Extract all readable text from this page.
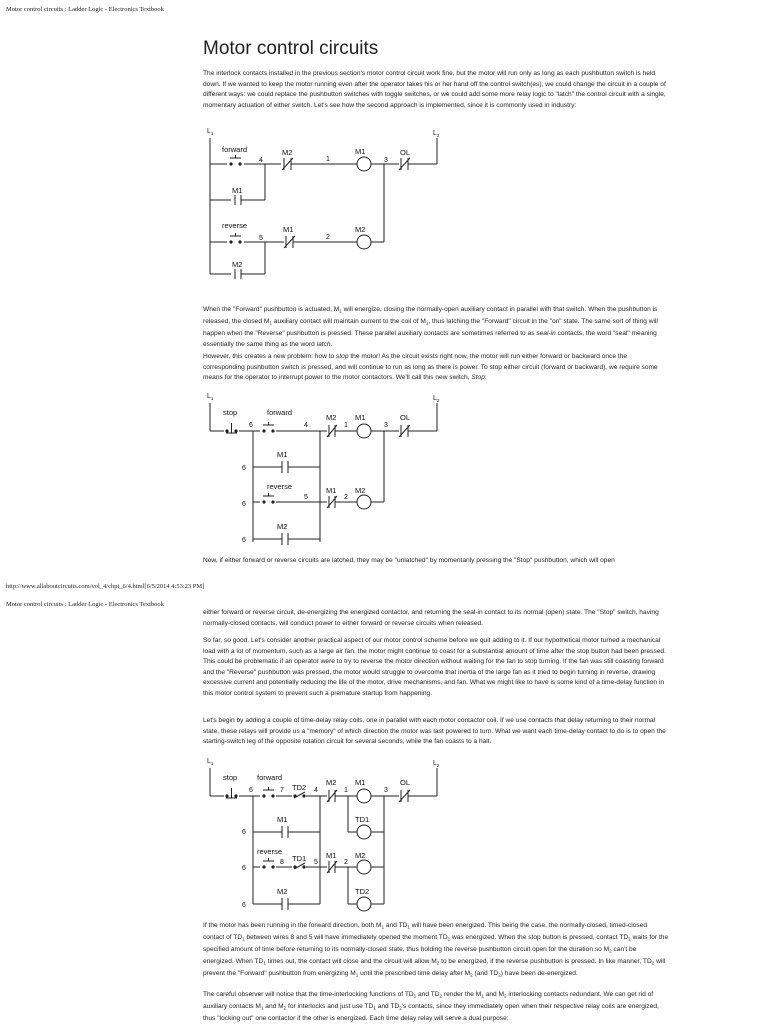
Motor control circuits : Ladder Logic - Electronics Textbook
Motor control circuits

The interlock contacts installed in the previous section's motor control circuit work fine, but the motor will run only as long as each pushbutton switch is held down. If we wanted to keep the motor running even after the operator takes his or her hand off the control switch(es), we could change the circuit in a couple of different ways: we could replace the pushbutton switches with toggle switches, or we could add some more relay logic to "latch" the control circuit with a single, momentary actuation of either switch. Let's see how the second approach is implemented, since it is commonly used in industry:

$L_1$	$L_2$
forward
4
M2
1
M1
3
OL
M1
reverse
5
M1
2
M2
M2

When the "Forward" pushbutton is actuated, $M_1$ will energize, closing the normally-open auxiliary contact in parallel with that switch. When the pushbutton is released, the closed $M_1$ auxiliary contact will maintain current to the coil of $M_1$, thus latching the "Forward" circuit in the "on" state. The same sort of thing will happen when the "Reverse" pushbutton is pressed. These parallel auxiliary contacts are sometimes referred to as seal-in contacts, the word "seal" meaning essentially the same thing as the word latch.

However, this creates a new problem: how to stop the motor! As the circuit exists right now, the motor will run either forward or backward once the corresponding pushbutton switch is pressed, and will continue to run as long as there is power. To stop either circuit (forward or backward), we require some means for the operator to interrupt power to the motor contactors. We'll call this new switch, Stop:

$L_1$	$L_2$
stop
6
forward
4
M2
1
M1
3
OL
6
M1
6
reverse
5
M1
2
M2
6
M2

Now, if either forward or reverse circuits are latched, they may be "unlatched" by momentarily pressing the "Stop" pushbutton, which will open

http://www.allaboutcircuits.com/vol_4/chpt_6/4.html[6/5/2014 4:53:23 PM]
Motor control circuits : Ladder Logic - Electronics Textbook

either forward or reverse circuit, de-energizing the energized contactor, and returning the seal-in contact to its normal (open) state. The "Stop" switch, having normally-closed contacts, will conduct power to either forward or reverse circuits when released.

So far, so good. Let's consider another practical aspect of our motor control scheme before we quit adding to it. If our hypothetical motor turned a mechanical load with a lot of momentum, such as a large air fan, the motor might continue to coast for a substantial amount of time after the stop button had been pressed. This could be problematic if an operator were to try to reverse the motor direction without waiting for the fan to stop turning. If the fan was still coasting forward and the "Reverse" pushbutton was pressed, the motor would struggle to overcome that inertia of the large fan as it tried to begin turning in reverse, drawing excessive current and potentially reducing the life of the motor, drive mechanisms, and fan. What we might like to have is some kind of a time-delay function in this motor control system to prevent such a premature startup from happening.

Let's begin by adding a couple of time-delay relay coils, one in parallel with each motor contactor coil. If we use contacts that delay returning to their normal state, these relays will provide us a "memory" of which direction the motor was last powered to turn. What we want each time-delay contact to do is to open the starting-switch leg of the opposite rotation circuit for several seconds, while the fan coasts to a halt.

$L_1$	$L_2$
stop
6
forward
7 TD2 4
M2
1
M1
3
OL
TD1
6
M1
6
reverse
8 TD1 5
M1
2
M2
TD2
6
M2

If the motor has been running in the forward direction, both $M_1$ and $TD_1$ will have been energized. This being the case, the normally-closed, timed-closed contact of $TD_1$ between wires 8 and 5 will have immediately opened the moment $TD_1$ was energized. When the stop button is pressed, contact $TD_1$ waits for the specified amount of time before returning to its normally-closed state, thus holding the reverse pushbutton circuit open for the duration so $M_2$ can't be energized. When $TD_1$ times out, the contact will close and the circuit will allow $M_2$ to be energized, if the reverse pushbutton is pressed. In like manner, $TD_2$ will prevent the "Forward" pushbutton from energizing $M_1$ until the prescribed time delay after $M_2$ (and $TD_2$) have been de-energized.

The careful observer will notice that the time-interlocking functions of $TD_1$ and $TD_2$ render the $M_1$ and $M_2$ interlocking contacts redundant. We can get rid of auxiliary contacts $M_1$ and $M_2$ for interlocks and just use $TD_1$ and $TD_2's$ contacts, since they immediately open when their respective relay coils are energized, thus "locking out" one contactor if the other is energized. Each time delay relay will serve a dual purpose:
